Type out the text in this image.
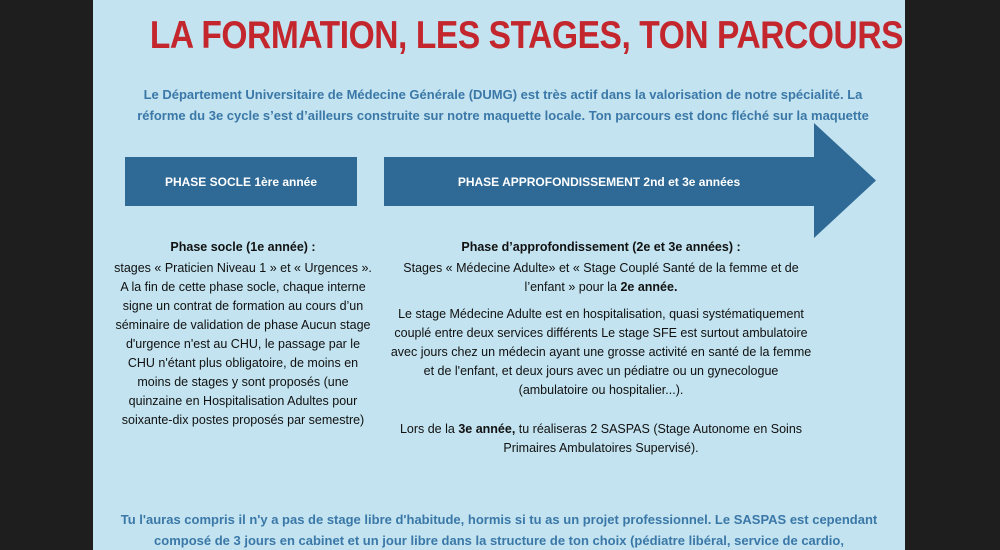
LA FORMATION, LES STAGES, TON PARCOURS

Le Département Universitaire de Médecine Générale (DUMG) est très actif dans la valorisation de notre spécialité. La réforme du 3e cycle s’est d’ailleurs construite sur notre maquette locale. Ton parcours est donc fléché sur la maquette

PHASE SOCLE 1ère année	PHASE APPROFONDISSEMENT 2nd et 3e années
Phase socle (1e année) :
stages « Praticien Niveau 1 » et « Urgences ». A la fin de cette phase socle, chaque interne signe un contrat de formation au cours d’un séminaire de validation de phase Aucun stage d'urgence n'est au CHU, le passage par le CHU n'étant plus obligatoire, de moins en moins de stages y sont proposés (une quinzaine en Hospitalisation Adultes pour soixante-dix postes proposés par semestre)
Phase d’approfondissement (2e et 3e années) :
Stages « Médecine Adulte» et « Stage Couplé Santé de la femme et de l’enfant » pour la 2e année.
Le stage Médecine Adulte est en hospitalisation, quasi systématiquement couplé entre deux services différents Le stage SFE est surtout ambulatoire avec jours chez un médecin ayant une grosse activité en santé de la femme et de l'enfant, et deux jours avec un pédiatre ou un gynecologue (ambulatoire ou hospitalier...).
Lors de la 3e année, tu réaliseras 2 SASPAS (Stage Autonome en Soins Primaires Ambulatoires Supervisé).

Tu l'auras compris il n'y a pas de stage libre d'habitude, hormis si tu as un projet professionnel. Le SASPAS est cependant composé de 3 jours en cabinet et un jour libre dans la structure de ton choix (pédiatre libéral, service de cardio,
